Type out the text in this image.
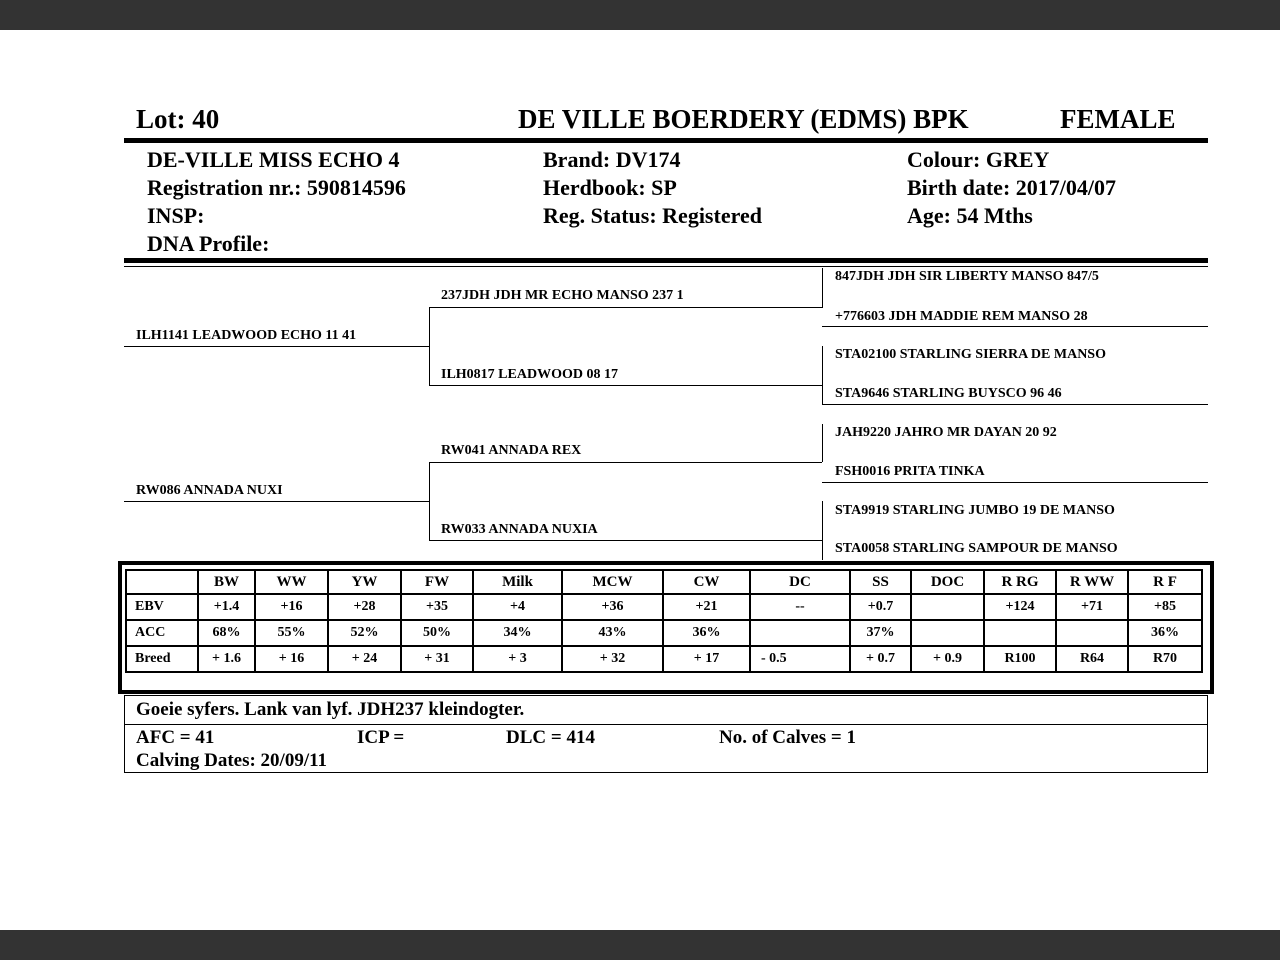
Lot: 40	DE VILLE BOERDERY (EDMS) BPK	FEMALE
DE-VILLE MISS ECHO 4
Registration nr.: 590814596
INSP:
DNA Profile:
Brand: DV174
Herdbook: SP
Reg. Status: Registered
Colour: GREY
Birth date: 2017/04/07
Age: 54 Mths
ILH1141 LEADWOOD ECHO 11 41
RW086 ANNADA NUXI
237JDH JDH MR ECHO MANSO 237 1
ILH0817 LEADWOOD 08 17
RW041 ANNADA REX
RW033 ANNADA NUXIA
847JDH JDH SIR LIBERTY MANSO 847/5
+776603 JDH MADDIE REM MANSO 28
STA02100 STARLING SIERRA DE MANSO
STA9646 STARLING BUYSCO 96 46
JAH9220 JAHRO MR DAYAN 20 92
FSH0016 PRITA TINKA
STA9919 STARLING JUMBO 19 DE MANSO
STA0058 STARLING SAMPOUR DE MANSO
	BW	WW	YW	FW	Milk	MCW	CW	DC	SS	DOC	R RG	R WW	R F
EBV	+1.4	+16	+28	+35	+4	+36	+21	--	+0.7		+124	+71	+85
ACC	68%	55%	52%	50%	34%	43%	36%		37%				36%
Breed	+ 1.6	+ 16	+ 24	+ 31	+ 3	+ 32	+ 17	- 0.5	+ 0.7	+ 0.9	R100	R64	R70
Goeie syfers. Lank van lyf. JDH237 kleindogter.
AFC = 41	ICP =	DLC = 414	No. of Calves = 1
Calving Dates: 20/09/11
